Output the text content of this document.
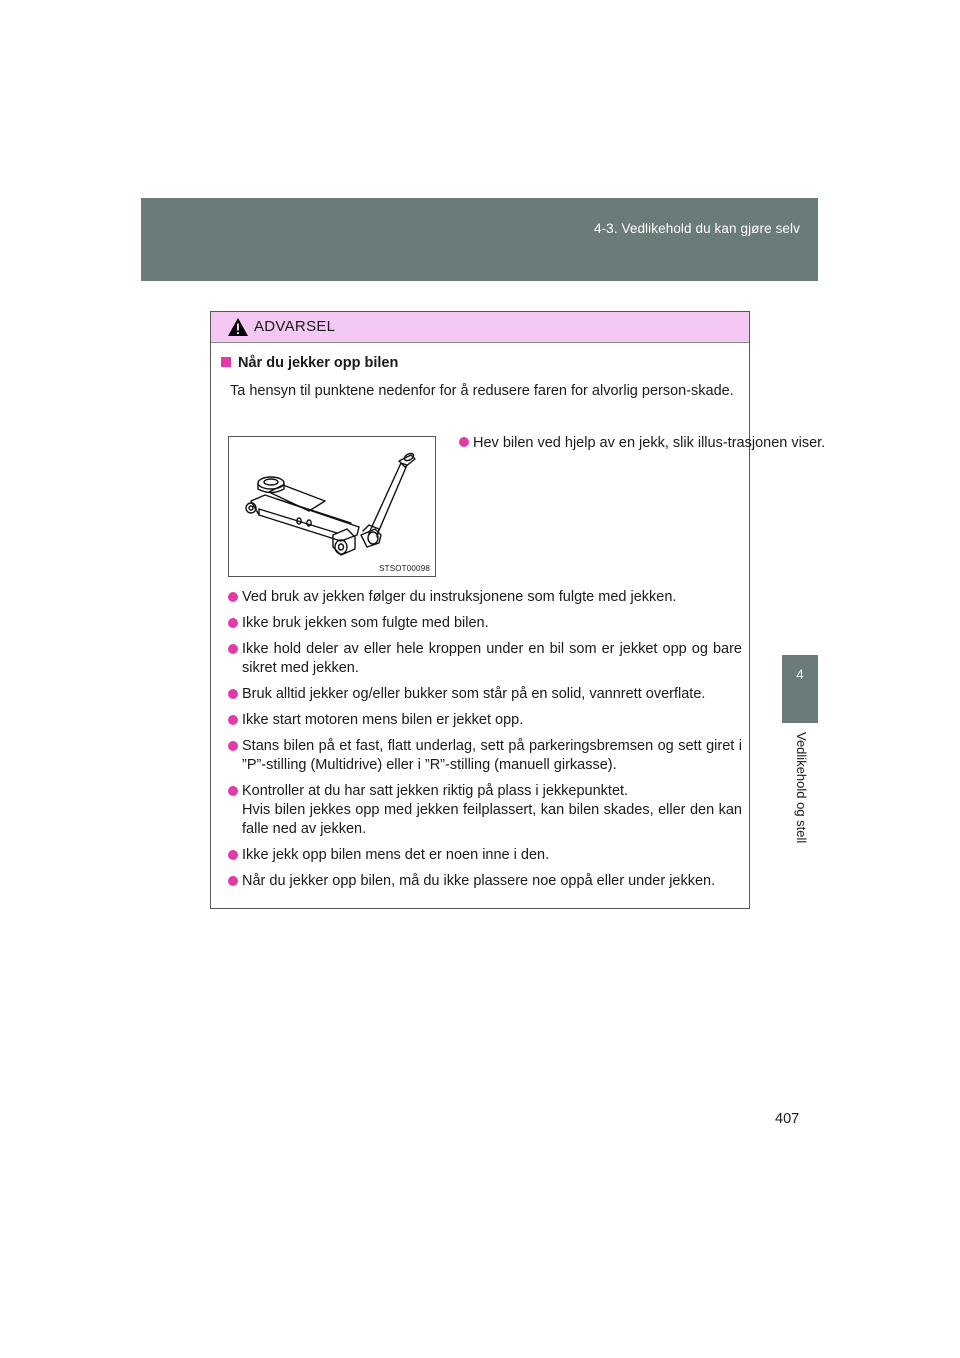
4-3. Vedlikehold du kan gjøre selv
4
Vedlikehold og stell
407
ADVARSEL
Når du jekker opp bilen
Ta hensyn til punktene nedenfor for å redusere faren for alvorlig person-skade.
STSOT00098
Hev bilen ved hjelp av en jekk, slik illus-trasjonen viser.
Ved bruk av jekken følger du instruksjonene som fulgte med jekken.
Ikke bruk jekken som fulgte med bilen.
Ikke hold deler av eller hele kroppen under en bil som er jekket opp og bare sikret med jekken.
Bruk alltid jekker og/eller bukker som står på en solid, vannrett overflate.
Ikke start motoren mens bilen er jekket opp.
Stans bilen på et fast, flatt underlag, sett på parkeringsbremsen og sett giret i ”P”-stilling (Multidrive) eller i ”R”-stilling (manuell girkasse).
Kontroller at du har satt jekken riktig på plass i jekkepunktet.
Hvis bilen jekkes opp med jekken feilplassert, kan bilen skades, eller den kan falle ned av jekken.
Ikke jekk opp bilen mens det er noen inne i den.
Når du jekker opp bilen, må du ikke plassere noe oppå eller under jekken.
